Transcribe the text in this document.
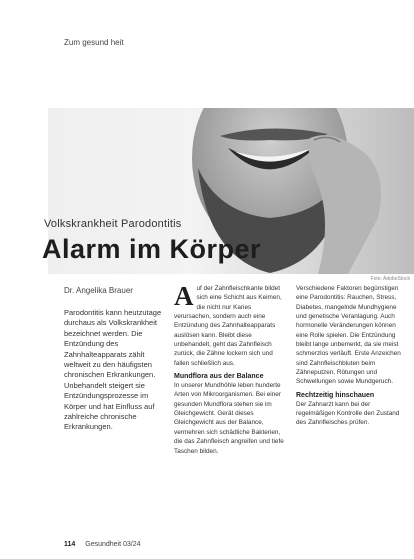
Zum gesund heit
Volkskrankheit Parodontitis
Alarm im Körper
Foto: AdobeStock
Dr. Angelika Brauer

Parodontitis kann heutzutage durchaus als Volkskrankheit bezeichnet werden. Die Entzündung des Zahnhalteapparats zählt weltweit zu den häufigsten chronischen Erkrankungen. Unbehandelt steigert sie Entzündungsprozesse im Körper und hat Einfluss auf zahlreiche chronische Erkrankungen.

Auf der Zahnfleischkante bildet sich eine Schicht aus Keimen, die nicht nur Karies verursachen, sondern auch eine Entzündung des Zahnhalteapparats auslösen kann. Bleibt diese unbehandelt, geht das Zahnfleisch zurück, die Zähne lockern sich und fallen schließlich aus.

Mundflora aus der Balance

In unserer Mundhöhle leben hunderte Arten von Mikroorganismen. Bei einer gesunden Mundflora stehen sie im Gleichgewicht. Gerät dieses Gleichgewicht aus der Balance, vermehren sich schädliche Bakterien, die das Zahnfleisch angreifen und tiefe Taschen bilden.

Verschiedene Faktoren begünstigen eine Parodontitis: Rauchen, Stress, Diabetes, mangelnde Mundhygiene und genetische Veranlagung. Auch hormonelle Veränderungen können eine Rolle spielen. Die Entzündung bleibt lange unbemerkt, da sie meist schmerzlos verläuft. Erste Anzeichen sind Zahnfleischbluten beim Zähneputzen, Rötungen und Schwellungen sowie Mundgeruch.

Rechtzeitig hinschauen

Der Zahnarzt kann bei der regelmäßigen Kontrolle den Zustand des Zahnfleisches prüfen.

114 Gesundheit 03/24
